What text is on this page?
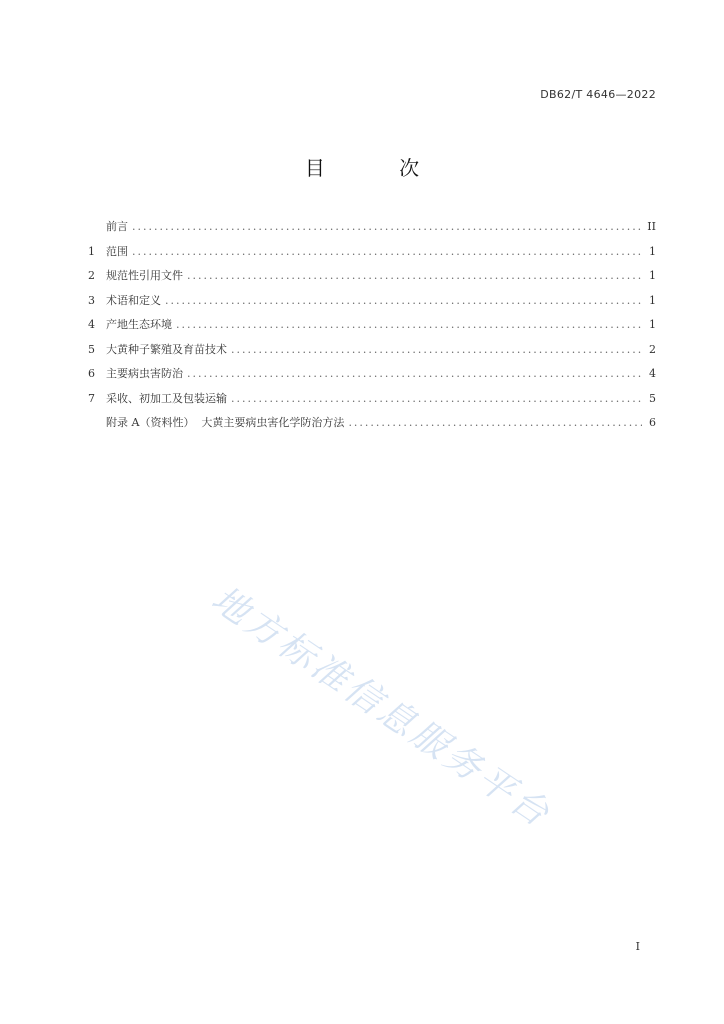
DB62/T 4646—2022
目 次
前言 .....	II
1	范围 .....	1
2	规范性引用文件 .....	1
3	术语和定义 .....	1
4	产地生态环境 .....	1
5	大黄种子繁殖及育苗技术 .....	2
6	主要病虫害防治 .....	4
7	采收、初加工及包装运输 .....	5
附录 A（资料性）  大黄主要病虫害化学防治方法 .....	6
地方标准信息服务平台
I
